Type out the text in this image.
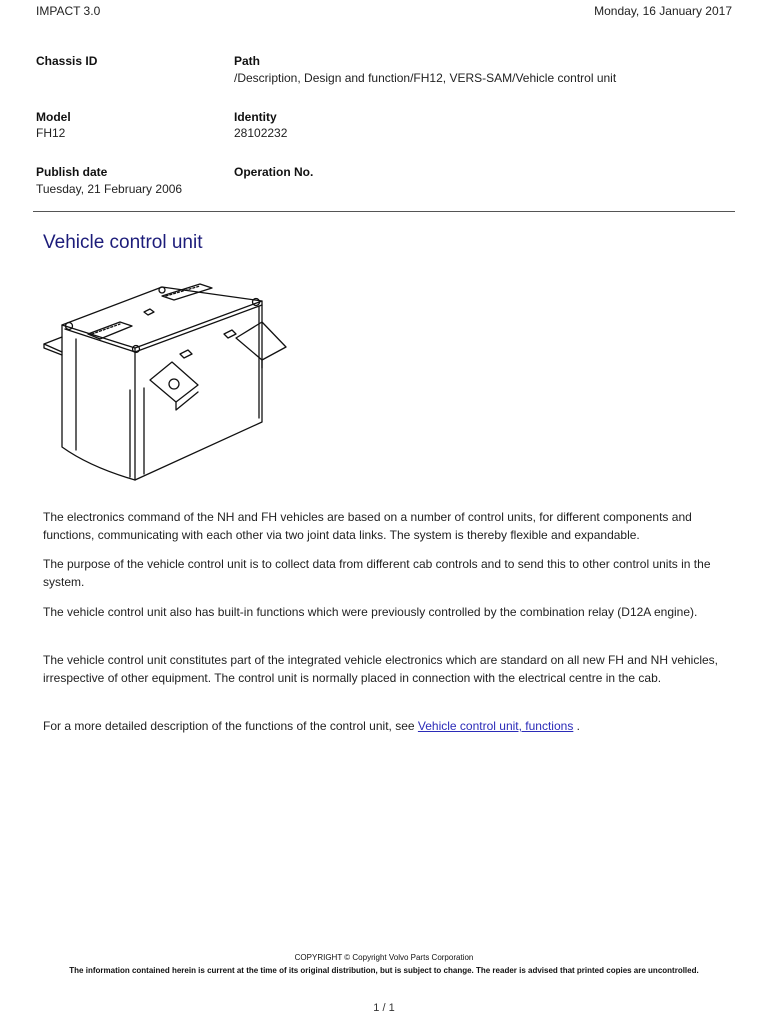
IMPACT 3.0	Monday, 16 January 2017
Chassis ID	Path
/Description, Design and function/FH12, VERS-SAM/Vehicle control unit
Model
FH12
Identity
28102232
Publish date
Tuesday, 21 February 2006
Operation No.
Vehicle control unit

The electronics command of the NH and FH vehicles are based on a number of control units, for different components and functions, communicating with each other via two joint data links. The system is thereby flexible and expandable.

The purpose of the vehicle control unit is to collect data from different cab controls and to send this to other control units in the system.

The vehicle control unit also has built-in functions which were previously controlled by the combination relay (D12A engine).

The vehicle control unit constitutes part of the integrated vehicle electronics which are standard on all new FH and NH vehicles, irrespective of other equipment. The control unit is normally placed in connection with the electrical centre in the cab.

For a more detailed description of the functions of the control unit, see Vehicle control unit, functions .

COPYRIGHT © Copyright Volvo Parts Corporation
The information contained herein is current at the time of its original distribution, but is subject to change. The reader is advised that printed copies are uncontrolled.
1 / 1
